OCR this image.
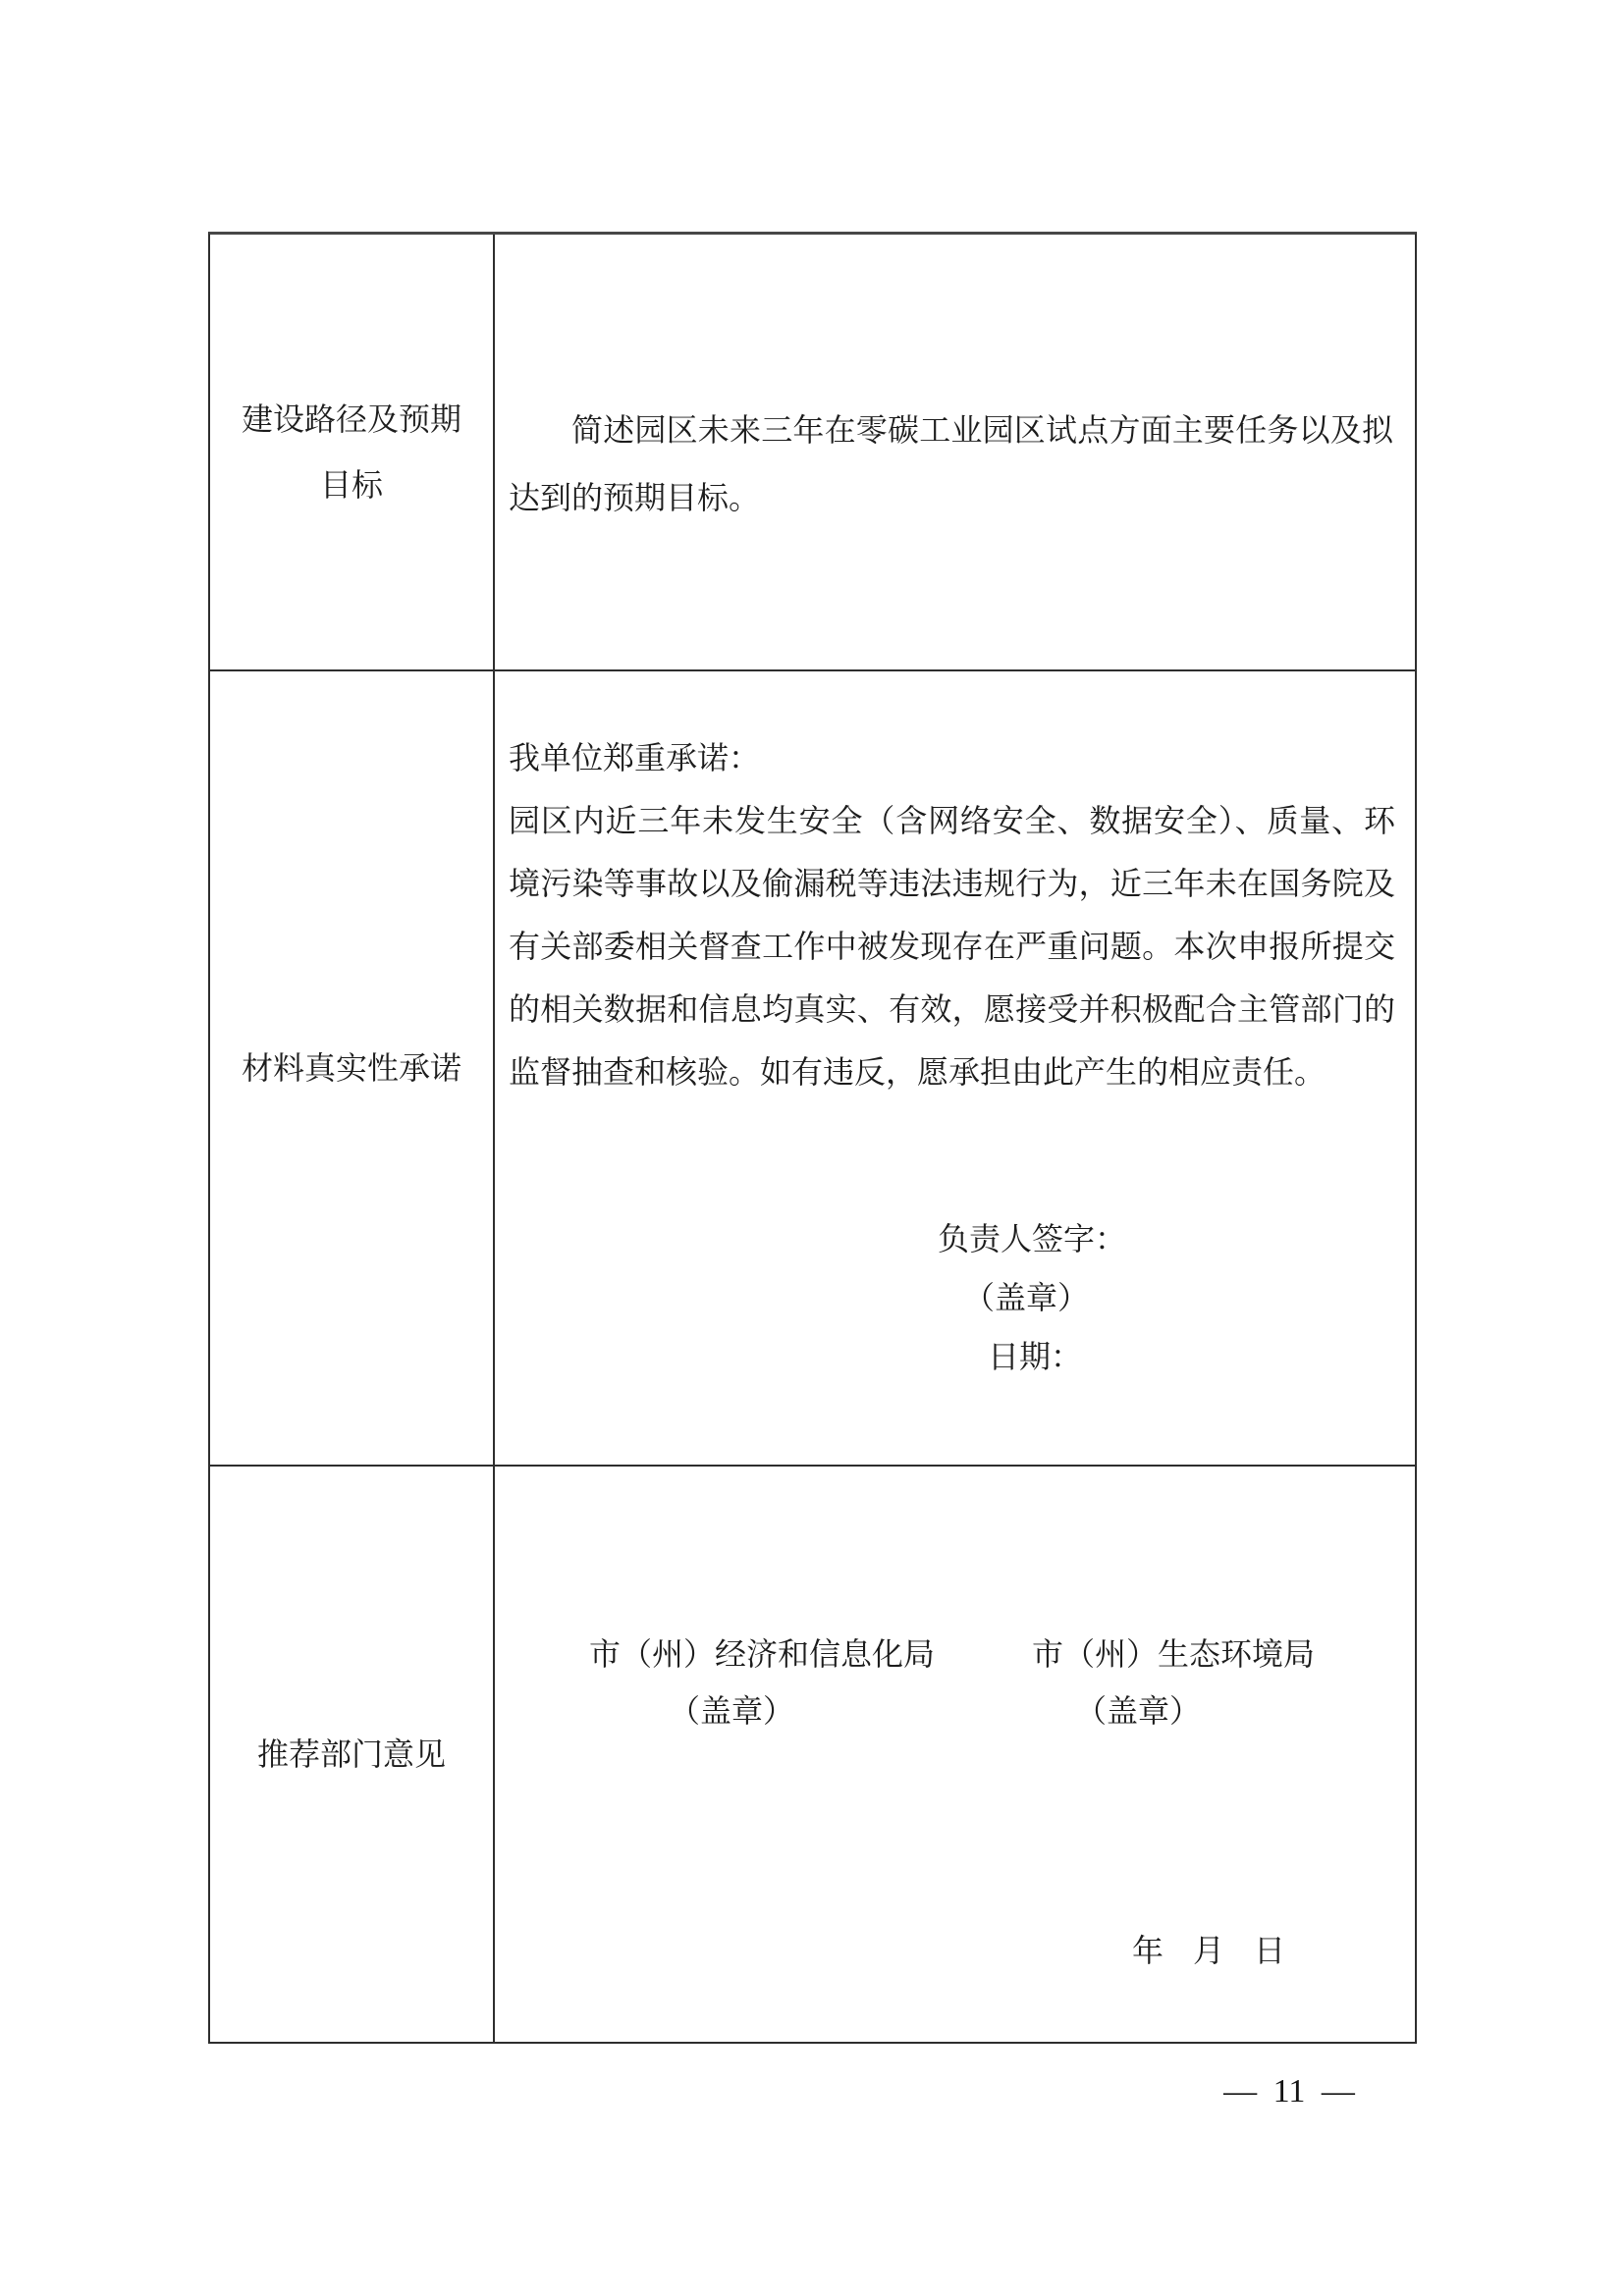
建设路径及预期
目标

简述园区未来三年在零碳工业园区试点方面主要任务以及拟达到的预期目标。

材料真实性承诺

我单位郑重承诺：

园区内近三年未发生安全（含网络安全、数据安全）、质量、环境污染等事故以及偷漏税等违法违规行为，近三年未在国务院及有关部委相关督查工作中被发现存在严重问题。本次申报所提交的相关数据和信息均真实、有效，愿接受并积极配合主管部门的监督抽查和核验。如有违反，愿承担由此产生的相应责任。

负责人签字：
（盖章）
日期：
推荐部门意见
市（州）经济和信息化局
（盖章）
市（州）生态环境局
（盖章）
年 月 日
— 11 —
